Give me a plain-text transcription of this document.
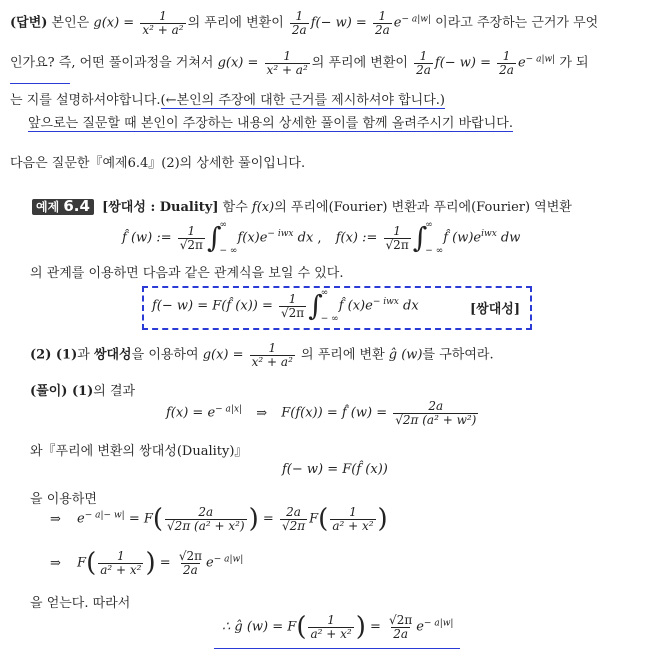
(답변) 본인은 $g(x) = \frac{1}{\text{x² + a²}}$ 의 푸리에 변환이 $\frac{1}{2a} f(- w) = \frac{1}{2a} e^{- a|w|}$ 이라고 주장하는 근거가 무엇
인가요? 즉, 어떤 풀이과정을 거쳐서 $g(x) = \frac{1}{\text{x² + a²}}$ 의 푸리에 변환이 $\frac{1}{2a} f(- w) = \frac{1}{2a} e^{- a|w|}$ 가 되
는 지를 설명하셔야합니다.(←본인의 주장에 대한 근거를 제시하셔야 합니다.)
앞으로는 질문할 때 본인이 주장하는 내용의 상세한 풀이를 함께 올려주시기 바랍니다.
다음은 질문한『예제6.4』(2)의 상세한 풀이입니다.
예제 6.4 [쌍대성 : Duality] 함수 f(x)의 푸리에(Fourier) 변환과 푸리에(Fourier) 역변환
f̂ (w) := $\frac{1}{√2\pi}$ ∫
∞
− ∞
$f(x)e^{- iwx}$ dx , f(x) := $\frac{1}{√2\pi}$ ∫
∞
− ∞
f̂ $(w)e^{iwx}$ dw
의 관계를 이용하면 다음과 같은 관계식을 보일 수 있다.
f(− w) = F(f̂ $(x)) = \frac{1}{√2\pi}$ ∫
∞
− ∞
f̂ $(x)e^{- iwx}$ dx	[쌍대성]
(2) (1)과 쌍대성을 이용하여 $g(x) = \frac{1}{\text{x² + a²}}$ 의 푸리에 변환 ĝ (w)를 구하여라.
(풀이) (1)의 결과
$f(x) = e^{- a|x|}$ ⇒ F(f(x)) = f̂ $(w) = \frac{2a}{\text{√2π (a² + w²)}}$
와『푸리에 변환의 쌍대성(Duality)』
f(− w) = F(f̂ (x))
을 이용하면
⇒ $e^{- a|- w|} = F( \frac{2a}{\text{√2π (a² + x²)}}$ ) = $\frac{2a}{√2\pi} F( \frac{1}{\text{a² + x²}}$ )
⇒ $F( \frac{1}{\text{a² + x²}}$ ) = $\frac{√2\pi}{2a} e^{- a|w|}$
을 얻는다. 따라서
∴ ĝ $(w) = F( \frac{1}{\text{a² + x²}}$ ) = $\frac{√2\pi}{2a} e^{- a|w|}$
